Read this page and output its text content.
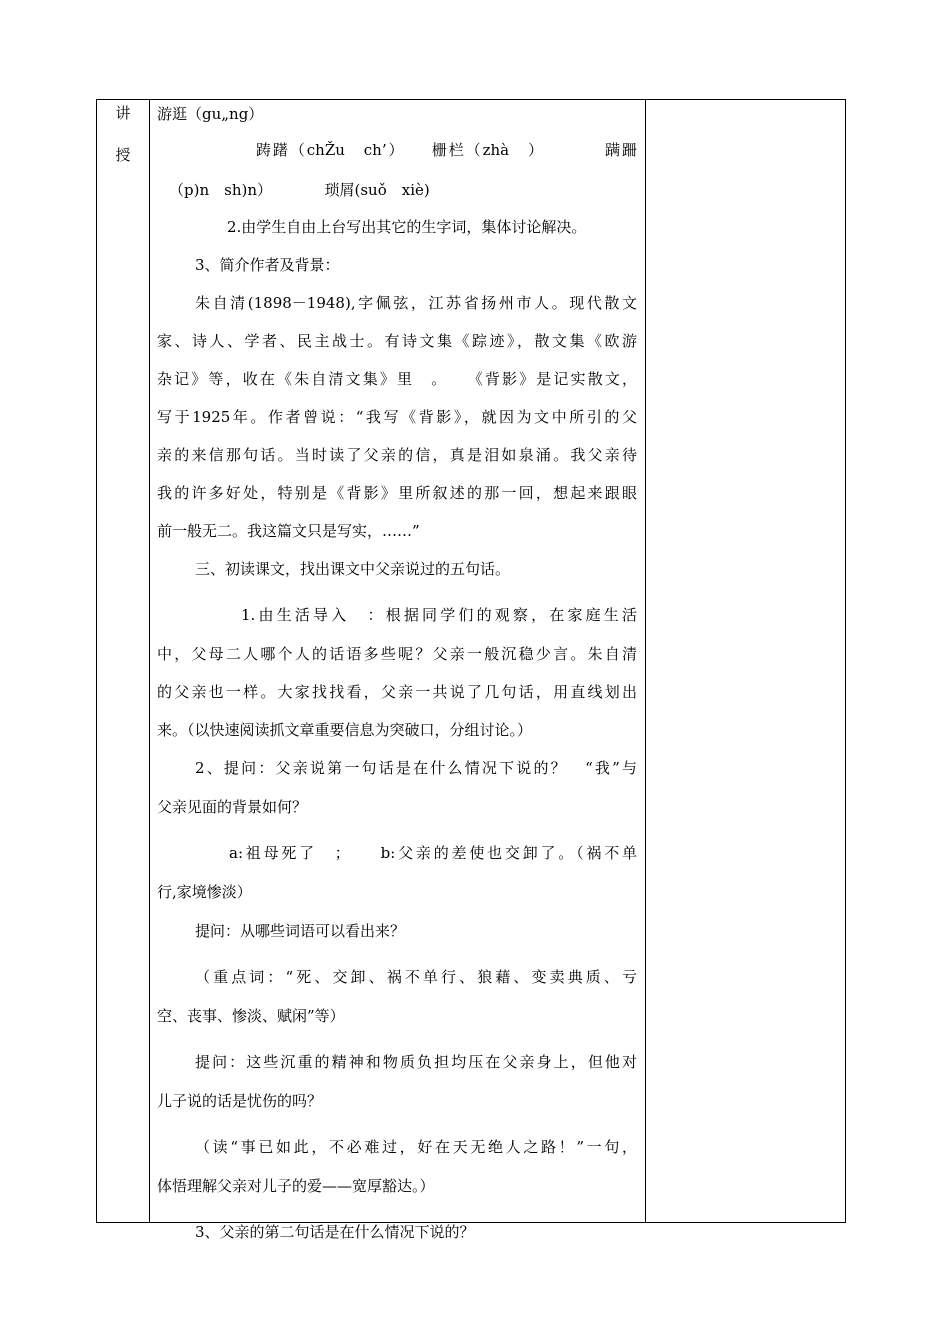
讲
授
游逛（gu„ng）
踌躇（chŽu　ch’）　　栅栏（zhà　）　　　　蹒跚
（p)n　sh)n）　　　　琐屑(suǒ　xiè)
2.由学生自由上台写出其它的生字词，集体讨论解决。
3、简介作者及背景：
朱自清(1898－1948),字佩弦，江苏省扬州市人。现代散文
家、诗人、学者、民主战士。有诗文集《踪迹》，散文集《欧游
杂记》等，收在《朱自清文集》里　。　　《背影》是记实散文，
写于1925年。作者曾说：“我写《背影》，就因为文中所引的父
亲的来信那句话。当时读了父亲的信，真是泪如泉涌。我父亲待
我的许多好处，特别是《背影》里所叙述的那一回，想起来跟眼
前一般无二。我这篇文只是写实，……”
三、初读课文，找出课文中父亲说过的五句话。
1.由生活导入　：根据同学们的观察，在家庭生活
中，父母二人哪个人的话语多些呢？父亲一般沉稳少言。朱自清
的父亲也一样。大家找找看，父亲一共说了几句话，用直线划出
来。（以快速阅读抓文章重要信息为突破口，分组讨论。）
2、提问：父亲说第一句话是在什么情况下说的？　“我”与
父亲见面的背景如何？
a:祖母死了　；　　b:父亲的差使也交卸了。（祸不单
行,家境惨淡）
提问：从哪些词语可以看出来？
（重点词：“死、交卸、祸不单行、狼藉、变卖典质、亏
空、丧事、惨淡、赋闲”等）
提问：这些沉重的精神和物质负担均压在父亲身上，但他对
儿子说的话是忧伤的吗？
（读“事已如此，不必难过，好在天无绝人之路！”一句，
体悟理解父亲对儿子的爱——宽厚豁达。）
3、父亲的第二句话是在什么情况下说的？
